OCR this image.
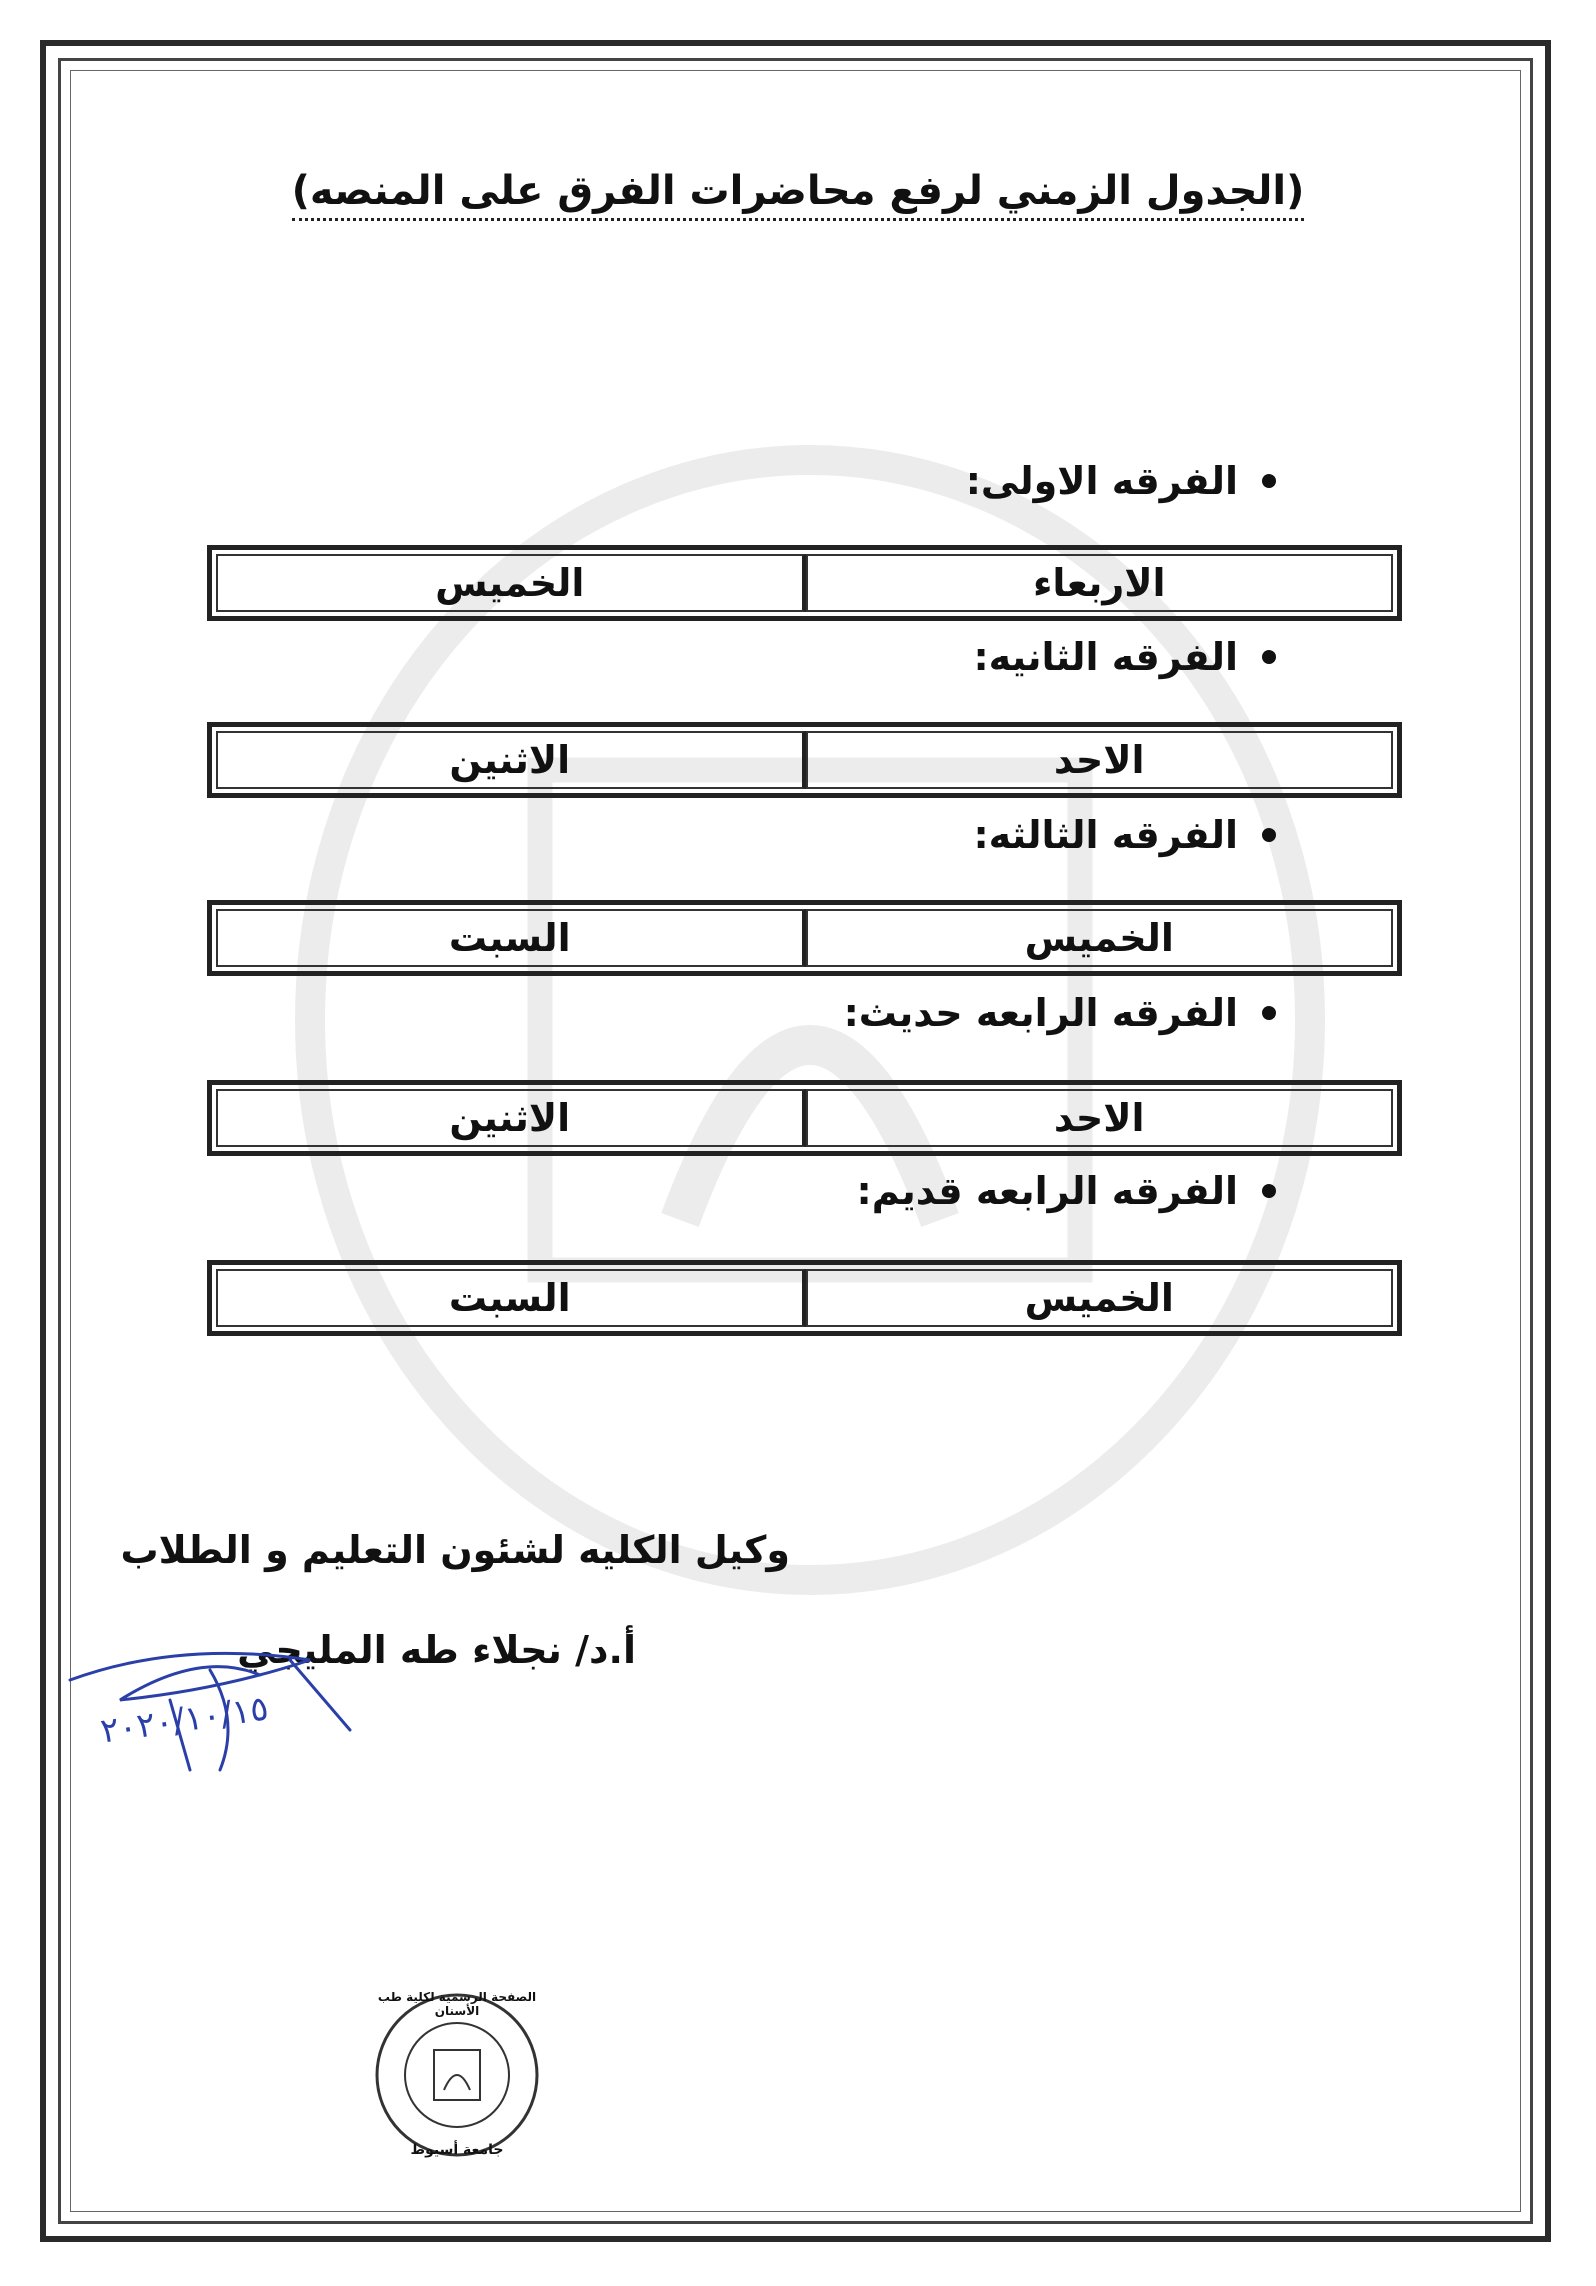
(الجدول الزمني لرفع محاضرات الفرق على المنصه)

الفرقه الاولى:

الاربعاء
الخميس

الفرقه الثانيه:

الاحد
الاثنين

الفرقه الثالثه:

الخميس
السبت

الفرقه الرابعه حديث:

الاحد
الاثنين

الفرقه الرابعه قديم:

الخميس
السبت
وكيل الكليه لشئون التعليم و الطلاب
أ.د/ نجلاء طه المليجي
٢٠٢٠/١٠/١٥
الصفحة الرسمية لكلية طب الأسنان
جامعة أسيوط
